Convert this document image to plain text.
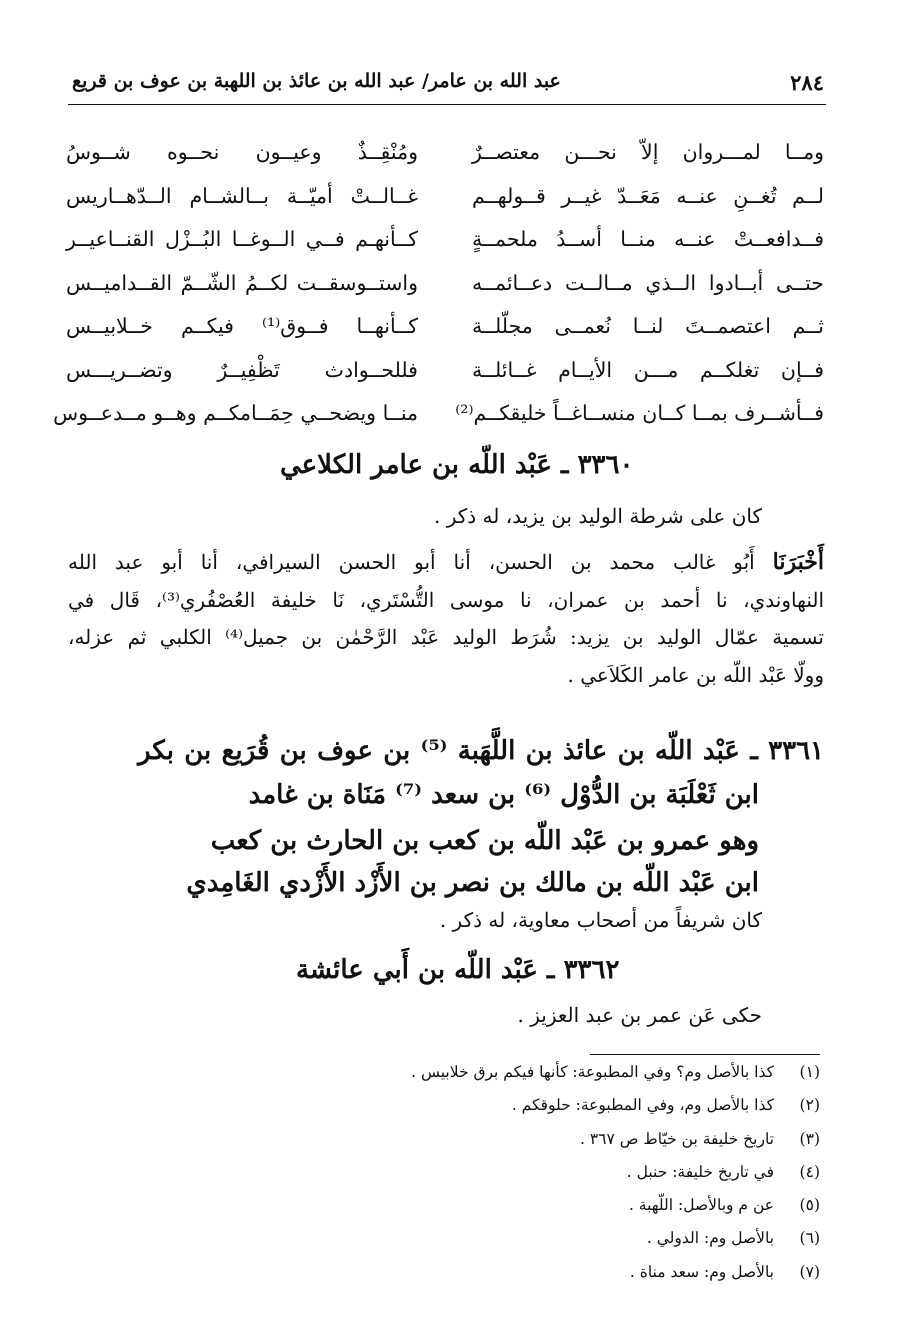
٢٨٤
عبد الله بن عامر/ عبد الله بن عائذ بن اللهبة بن عوف بن قريع
ومــا لمـــروان إلاّ نحـــن معتصــرٌ
ومُنْقِــذٌ وعيــون نحــوه شــوسُ
لــم تُغــنِ عنــه مَعَــدّ غيــر قــولهــم
غــالــتْ أميّــة بــالشــام الــدّهــاريس
فــدافعــتْ عنــه منــا أســدُ ملحمــةٍ
كــأنهـم فــي الــوغــا البُــزْل القنــاعيــر
حتــى أبــادوا الــذي مــالــت دعــائمــه
واستــوسقــت لكــمُ الشّــمّ القــداميــس
ثــم اعتصمــتَ لنــا نُعمــى مجلّلــة
كــأنهــا فــوق⁽¹⁾ فيكــم خــلابيــس
فــإن تغلكــم مـــن الأيــام غــائلــة
فللحــوادث تَظْفِيــرٌ وتضــريـــس
فــأشــرف بمــا كــان منســاغــاً خليقكــم⁽²⁾
منــا ويضحــي حِمَــامكــم وهــو مــدعــوس
٣٣٦٠ ـ عَبْد اللّه بن عامر الكلاعي
كان على شرطة الوليد بن يزيد، له ذكر .
أَخْبَرَنَا أَبُو غالب محمد بن الحسن، أنا أبو الحسن السيرافي، أنا أبو عبد الله
النهاوندي، نا أحمد بن عمران، نا موسى التُّسْتَري، نَا خليفة العُصْفُري⁽³⁾، قَال في
تسمية عمّال الوليد بن يزيد: شُرَط الوليد عَبْد الرَّحْمٰن بن جميل⁽⁴⁾ الكلبي ثم عزله،
وولّا عَبْد اللّه بن عامر الكَلاَعي .
٣٣٦١ ـ عَبْد اللّه بن عائذ بن اللَّهَبة ⁽⁵⁾ بن عوف بن قُرَيع بن بكر
ابن ثَعْلَبَة بن الدُّوْل ⁽⁶⁾ بن سعد ⁽⁷⁾ مَنَاة بن غامد
وهو عمرو بن عَبْد اللّه بن كعب بن الحارث بن كعب
ابن عَبْد اللّه بن مالك بن نصر بن الأَزْد الأَزْدي الغَامِدي
كان شريفاً من أصحاب معاوية، له ذكر .
٣٣٦٢ ـ عَبْد اللّه بن أَبي عائشة
حكى عَن عمر بن عبد العزيز .
(١)
كذا بالأصل وم؟ وفي المطبوعة: كأنها فيكم برق خلابيس .
(٢)
كذا بالأصل وم، وفي المطبوعة: حلوقكم .
(٣)
تاريخ خليفة بن خيّاط ص ٣٦٧ .
(٤)
في تاريخ خليفة: حنبل .
(٥)
عن م وبالأصل: اللّهبة .
(٦)
بالأصل وم: الدولي .
(٧)
بالأصل وم: سعد مناة .
